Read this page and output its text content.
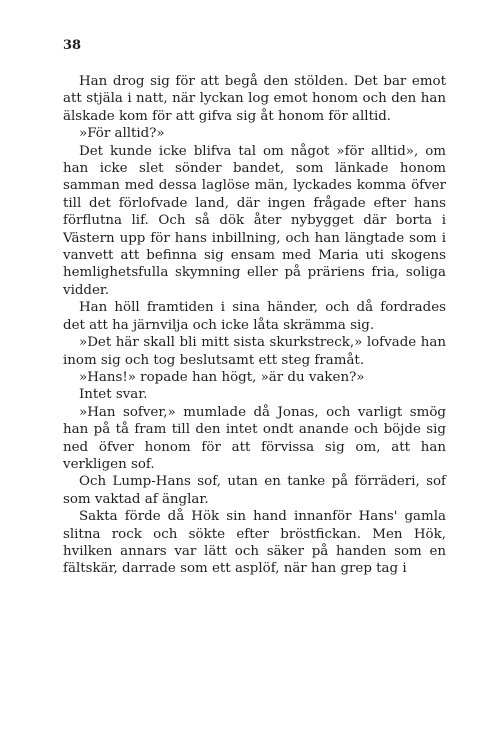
38

Han drog sig för att begå den stölden. Det bar emot att stjäla i natt, när lyckan log emot honom och den han älskade kom för att gifva sig åt honom för alltid.

»För alltid?»

Det kunde icke blifva tal om något »för alltid», om han icke slet sönder bandet, som länkade honom samman med dessa laglöse män, lyckades komma öfver till det förlofvade land, där ingen frågade efter hans förflutna lif. Och så dök åter nybygget där borta i Västern upp för hans inbillning, och han längtade som i vanvett att befinna sig ensam med Maria uti skogens hemlighetsfulla skymning eller på präriens fria, soliga vidder.

Han höll framtiden i sina händer, och då fordrades det att ha järnvilja och icke låta skrämma sig.

»Det här skall bli mitt sista skurkstreck,» lofvade han inom sig och tog beslutsamt ett steg framåt.

»Hans!» ropade han högt, »är du vaken?»

Intet svar.

»Han sofver,» mumlade då Jonas, och varligt smög han på tå fram till den intet ondt anande och böjde sig ned öfver honom för att förvissa sig om, att han verkligen sof.

Och Lump-Hans sof, utan en tanke på förräderi, sof som vaktad af änglar.

Sakta förde då Hök sin hand innanför Hans' gamla slitna rock och sökte efter bröstfickan. Men Hök, hvilken annars var lätt och säker på handen som en fältskär, darrade som ett asplöf, när han grep tag i
